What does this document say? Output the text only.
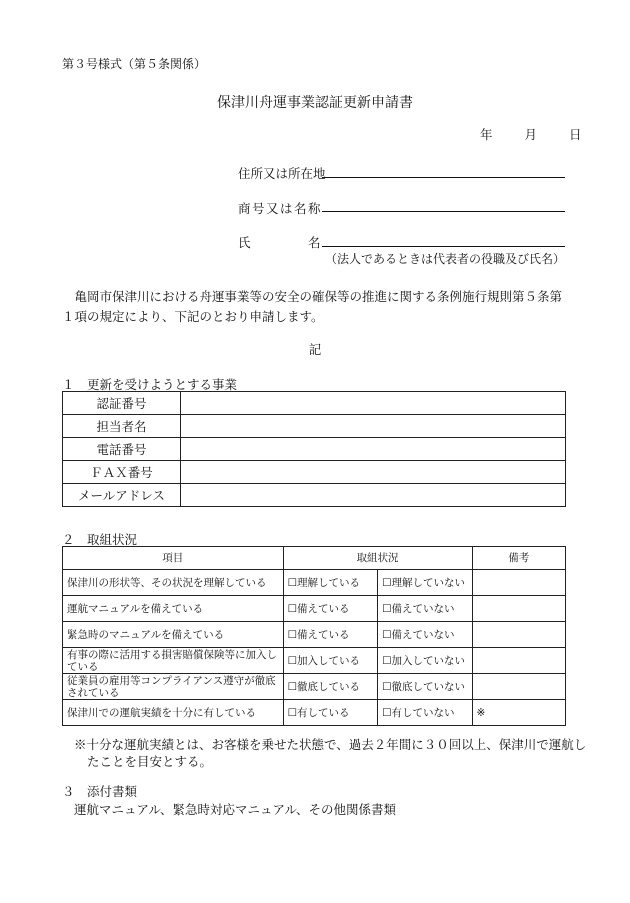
第３号様式（第５条関係）
保津川舟運事業認証更新申請書
年	月	日
住所又は所在地
商号又は名称
氏	名
（法人であるときは代表者の役職及び氏名）
亀岡市保津川における舟運事業等の安全の確保等の推進に関する条例施行規則第５条第１項の規定により、下記のとおり申請します。
記
１　更新を受けようとする事業
認証番号	
担当者名	
電話番号	
ＦＡＸ番号	
メールアドレス	
２　取組状況
項目	取組状況		備考
保津川の形状等、その状況を理解している	☐理解している	☐理解していない	
運航マニュアルを備えている	☐備えている	☐備えていない	
緊急時のマニュアルを備えている	☐備えている	☐備えていない	
有事の際に活用する損害賠償保険等に加入している	☐加入している	☐加入していない	
従業員の雇用等コンプライアンス遵守が徹底されている	☐徹底している	☐徹底していない	
保津川での運航実績を十分に有している	☐有している	☐有していない	※
※十分な運航実績とは、お客様を乗せた状態で、過去２年間に３０回以上、保津川で運航したことを目安とする。
３　添付書類
運航マニュアル、緊急時対応マニュアル、その他関係書類
